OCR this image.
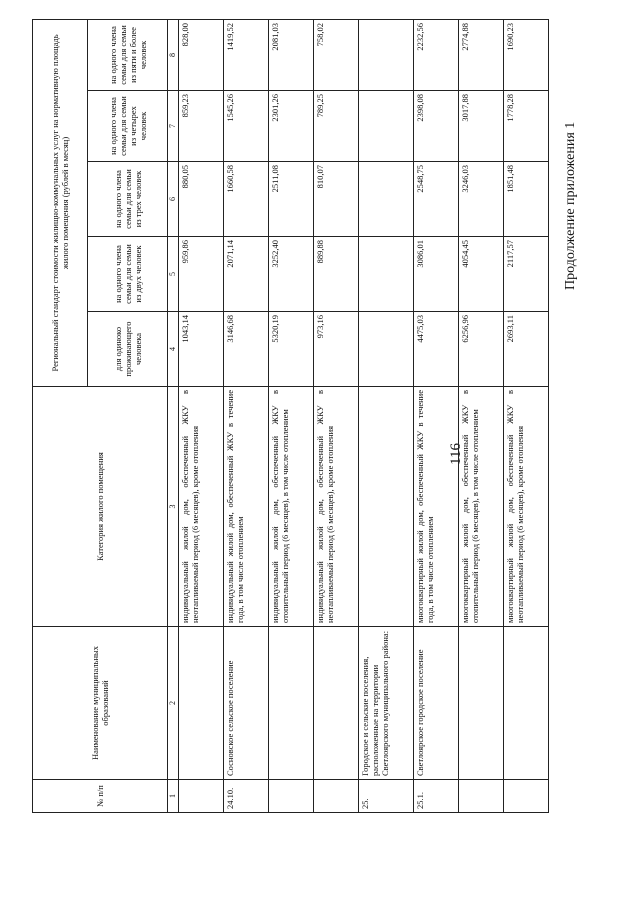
116
Продолжение приложения 1
№ п/п	Наименование муниципальных образований	Категория жилого помещения	Региональный стандарт стоимости жилищно-коммунальных услуг на нормативную площадь жилого помещения (рублей в месяц)				
			для одиноко проживающего человека	на одного члена семьи для семьи из двух человек	на одного члена семьи для семьи из трех человек	на одного члена семьи для семьи из четырех человек	на одного члена семьи для семьи из пяти и более человек
1	2	3	4	5	6	7	8
		индивидуальный жилой дом, обеспеченный ЖКУ в неотапливаемый период (6 месяцев), кроме отопления	1043,14	959,86	880,05	859,23	828,00
24.10.	Сосновское сельское поселение	индивидуальный жилой дом, обеспеченный ЖКУ в течение года, в том числе отоплением	3146,68	2071,14	1660,58	1545,26	1419,52
		индивидуальный жилой дом, обеспеченный ЖКУ в отопительный период (6 месяцев), в том числе отоплением	5320,19	3252,40	2511,08	2301,26	2081,03
		индивидуальный жилой дом, обеспеченный ЖКУ в неотапливаемый период (6 месяцев), кроме отопления	973,16	889,88	810,07	789,25	758,02
25.	Городское и сельские поселения, расположенные на территории Светлоярского муниципального района:						
25.1.	Светлоярское городское поселение	многоквартирный жилой дом, обеспеченный ЖКУ в течение года, в том числе отоплением	4475,03	3086,01	2548,75	2398,08	2232,56
		многоквартирный жилой дом, обеспеченный ЖКУ в отопительный период (6 месяцев), в том числе отоплением	6256,96	4054,45	3246,03	3017,88	2774,88
		многоквартирный жилой дом, обеспеченный ЖКУ в неотапливаемый период (6 месяцев), кроме отопления	2693,11	2117,57	1851,48	1778,28	1690,23
